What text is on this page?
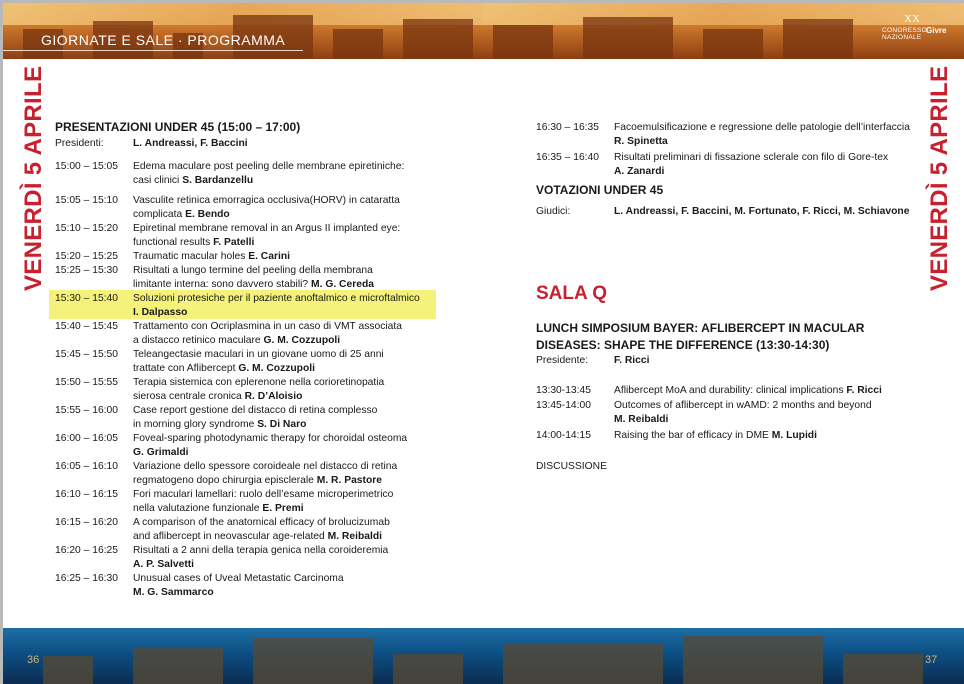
GIORNATE E SALE · PROGRAMMA
VENERDÌ 5 APRILE PRESENTAZIONI UNDER 45 (15:00 – 17:00)
Presidenti:	L. Andreassi, F. Baccini
15:00 – 15:05 Edema maculare post peeling delle membrane epiretiniche:
casi clinici S. Bardanzellu
15:05 – 15:10 Vasculite retinica emorragica occlusiva(HORV) in cataratta
complicata E. Bendo
15:10 – 15:20 Epiretinal membrane removal in an Argus II implanted eye:
functional results F. Patelli
15:20 – 15:25 Traumatic macular holes E. Carini
15:25 – 15:30 Risultati a lungo termine del peeling della membrana
limitante interna: sono davvero stabili? M. G. Cereda
15:30 – 15:40 Soluzioni protesiche per il paziente anoftalmico e microftalmico
I. Dalpasso
15:40 – 15:45 Trattamento con Ocriplasmina in un caso di VMT associata
a distacco retinico maculare G. M. Cozzupoli
15:45 – 15:50 Teleangectasie maculari in un giovane uomo di 25 anni
trattate con Aflibercept G. M. Cozzupoli
15:50 – 15:55 Terapia sistemica con eplerenone nella corioretinopatia
sierosa centrale cronica R. D’Aloisio
15:55 – 16:00 Case report gestione del distacco di retina complesso
in morning glory syndrome S. Di Naro
16:00 – 16:05 Foveal-sparing photodynamic therapy for choroidal osteoma
G. Grimaldi
16:05 – 16:10 Variazione dello spessore coroideale nel distacco di retina
regmatogeno dopo chirurgia episclerale M. R. Pastore
16:10 – 16:15 Fori maculari lamellari: ruolo dell’esame microperimetrico
nella valutazione funzionale E. Premi
16:15 – 16:20 A comparison of the anatomical efficacy of brolucizumab
and aflibercept in neovascular age-related M. Reibaldi
16:20 – 16:25 Risultati a 2 anni della terapia genica nella coroideremia
A. P. Salvetti
16:25 – 16:30 Unusual cases of Uveal Metastatic Carcinoma
M. G. Sammarco
36
XX
CONGRESSO
NAZIONALE
Givre
VENERDÌ 5 APRILE
16:30 – 16:35 Facoemulsificazione e regressione delle patologie dell’interfaccia
R. Spinetta
16:35 – 16:40 Risultati preliminari di fissazione sclerale con filo di Gore-tex
A. Zanardi
VOTAZIONI UNDER 45
Giudici:	L. Andreassi, F. Baccini, M. Fortunato, F. Ricci, M. Schiavone
SALA Q
LUNCH SIMPOSIUM BAYER: AFLIBERCEPT IN MACULAR
DISEASES: SHAPE THE DIFFERENCE (13:30-14:30)
Presidente:	F. Ricci
13:30-13:45 Aflibercept MoA and durability: clinical implications F. Ricci
13:45-14:00 Outcomes of aflibercept in wAMD: 2 months and beyond
M. Reibaldi
14:00-14:15 Raising the bar of efficacy in DME M. Lupidi
DISCUSSIONE
37
